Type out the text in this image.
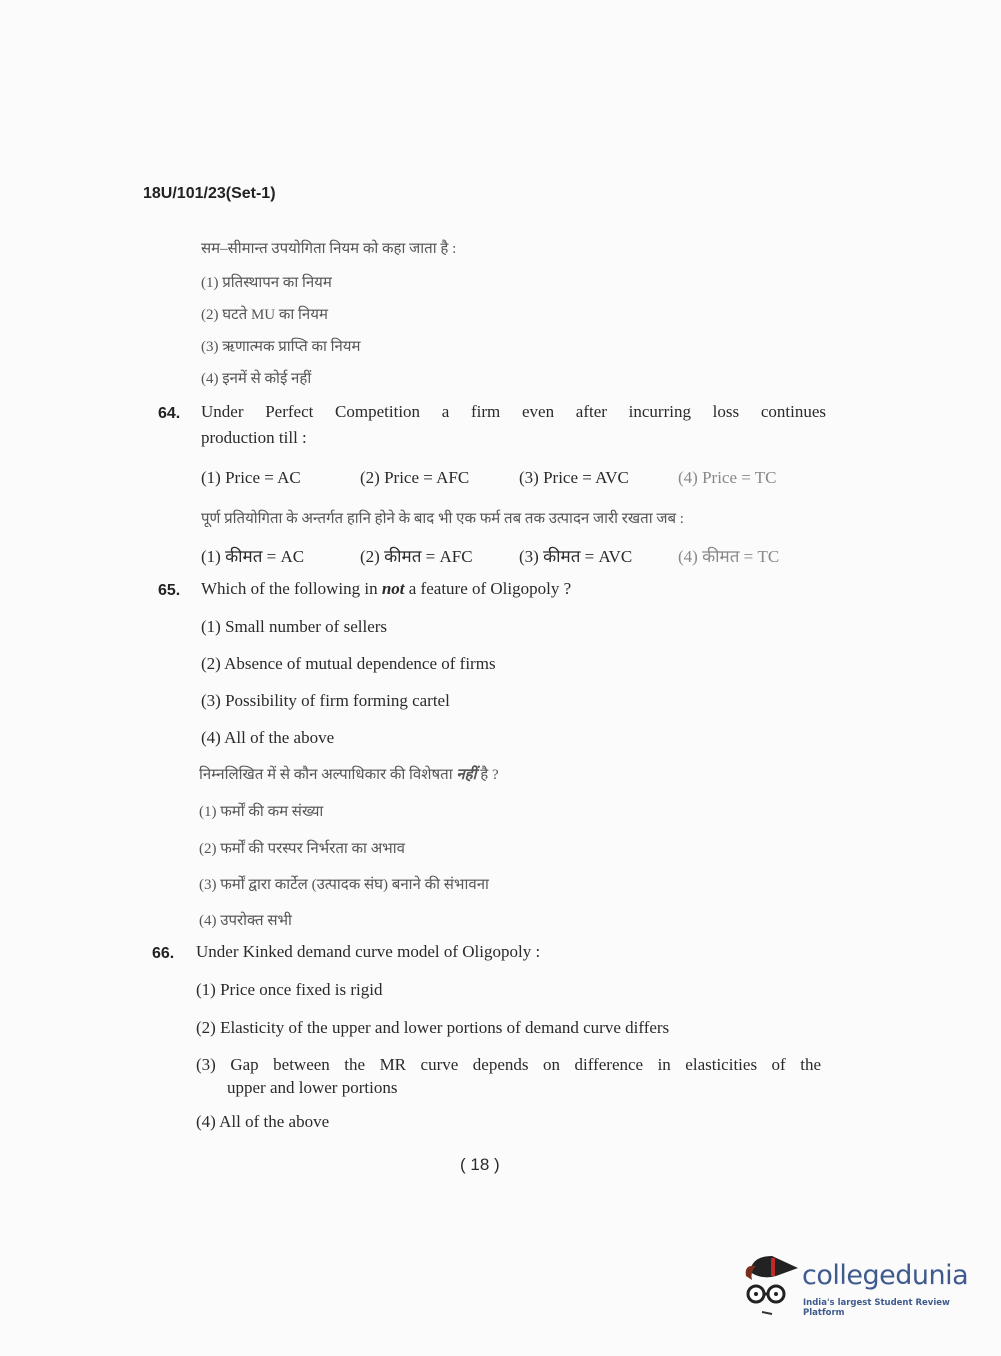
18U/101/23(Set-1)
सम–सीमान्त उपयोगिता नियम को कहा जाता है :
(1) प्रतिस्थापन का नियम
(2) घटते MU का नियम
(3) ऋणात्मक प्राप्ति का नियम
(4) इनमें से कोई नहीं
64. Under Perfect Competition a firm even after incurring loss continues
production till :
(1) Price = AC	(2) Price = AFC	(3) Price = AVC	(4) Price = TC
पूर्ण प्रतियोगिता के अन्तर्गत हानि होने के बाद भी एक फर्म तब तक उत्पादन जारी रखता जब :
(1) कीमत = AC	(2) कीमत = AFC	(3) कीमत = AVC	(4) कीमत = TC
65. Which of the following in not a feature of Oligopoly ?
(1) Small number of sellers
(2) Absence of mutual dependence of firms
(3) Possibility of firm forming cartel
(4) All of the above
निम्नलिखित में से कौन अल्पाधिकार की विशेषता नहीं है ?
(1) फर्मों की कम संख्या
(2) फर्मों की परस्पर निर्भरता का अभाव
(3) फर्मों द्वारा कार्टेल (उत्पादक संघ) बनाने की संभावना
(4) उपरोक्त सभी
66. Under Kinked demand curve model of Oligopoly :
(1) Price once fixed is rigid
(2) Elasticity of the upper and lower portions of demand curve differs
(3) Gap between the MR curve depends on difference in elasticities of the
upper and lower portions
(4) All of the above
( 18 )
collegedunia
India's largest Student Review Platform
